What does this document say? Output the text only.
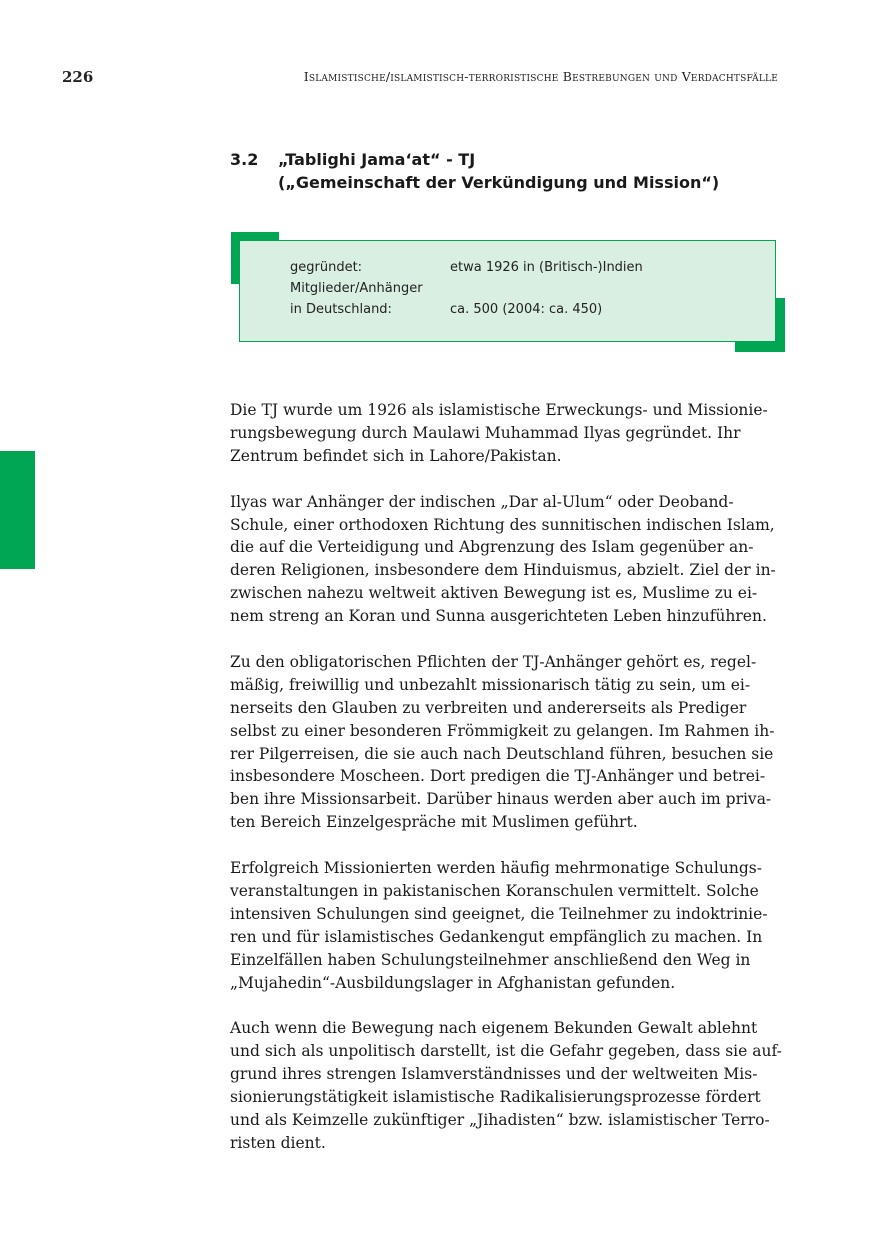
226	Islamistische/islamistisch-terroristische Bestrebungen und Verdachtsfälle
3.2 „Tablighi Jama‘at“ - TJ
(„Gemeinschaft der Verkündigung und Mission“)
gegründet:	etwa 1926 in (Britisch-)Indien
Mitglieder/Anhänger
in Deutschland:	ca. 500 (2004: ca. 450)

Die TJ wurde um 1926 als islamistische Erweckungs- und Missionie-
rungsbewegung durch Maulawi Muhammad Ilyas gegründet. Ihr
Zentrum befindet sich in Lahore/Pakistan.

Ilyas war Anhänger der indischen „Dar al-Ulum“ oder Deoband-
Schule, einer orthodoxen Richtung des sunnitischen indischen Islam,
die auf die Verteidigung und Abgrenzung des Islam gegenüber an-
deren Religionen, insbesondere dem Hinduismus, abzielt. Ziel der in-
zwischen nahezu weltweit aktiven Bewegung ist es, Muslime zu ei-
nem streng an Koran und Sunna ausgerichteten Leben hinzuführen.

Zu den obligatorischen Pflichten der TJ-Anhänger gehört es, regel-
mäßig, freiwillig und unbezahlt missionarisch tätig zu sein, um ei-
nerseits den Glauben zu verbreiten und andererseits als Prediger
selbst zu einer besonderen Frömmigkeit zu gelangen. Im Rahmen ih-
rer Pilgerreisen, die sie auch nach Deutschland führen, besuchen sie
insbesondere Moscheen. Dort predigen die TJ-Anhänger und betrei-
ben ihre Missionsarbeit. Darüber hinaus werden aber auch im priva-
ten Bereich Einzelgespräche mit Muslimen geführt.

Erfolgreich Missionierten werden häufig mehrmonatige Schulungs-
veranstaltungen in pakistanischen Koranschulen vermittelt. Solche
intensiven Schulungen sind geeignet, die Teilnehmer zu indoktrinie-
ren und für islamistisches Gedankengut empfänglich zu machen. In
Einzelfällen haben Schulungsteilnehmer anschließend den Weg in
„Mujahedin“-Ausbildungslager in Afghanistan gefunden.

Auch wenn die Bewegung nach eigenem Bekunden Gewalt ablehnt
und sich als unpolitisch darstellt, ist die Gefahr gegeben, dass sie auf-
grund ihres strengen Islamverständnisses und der weltweiten Mis-
sionierungstätigkeit islamistische Radikalisierungsprozesse fördert
und als Keimzelle zukünftiger „Jihadisten“ bzw. islamistischer Terro-
risten dient.
